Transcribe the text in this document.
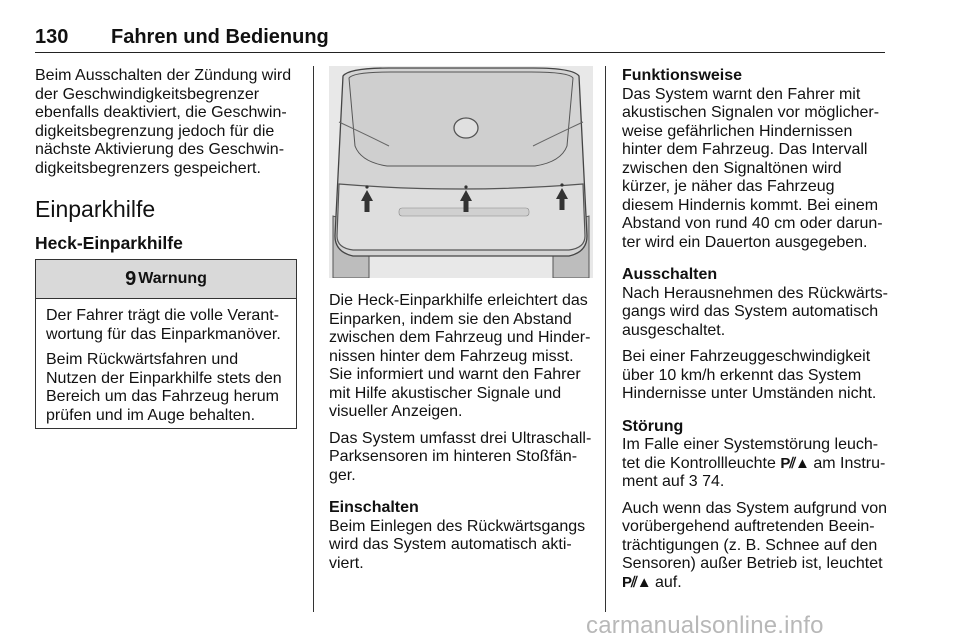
130 Fahren und Bedienung
Beim Ausschalten der Zündung wird
der Geschwindigkeitsbegrenzer
ebenfalls deaktiviert, die Geschwin-
digkeitsbegrenzung jedoch für die
nächste Aktivierung des Geschwin-
digkeitsbegrenzers gespeichert.
Einparkhilfe
Heck-Einparkhilfe
9 Warnung

Der Fahrer trägt die volle Verant-
wortung für das Einparkmanöver.

Beim Rückwärtsfahren und
Nutzen der Einparkhilfe stets den
Bereich um das Fahrzeug herum
prüfen und im Auge behalten.

Die Heck-Einparkhilfe erleichtert das
Einparken, indem sie den Abstand
zwischen dem Fahrzeug und Hinder-
nissen hinter dem Fahrzeug misst.
Sie informiert und warnt den Fahrer
mit Hilfe akustischer Signale und
visueller Anzeigen.

Das System umfasst drei Ultraschall-
Parksensoren im hinteren Stoßfän-
ger.

Einschalten
Beim Einlegen des Rückwärtsgangs
wird das System automatisch akti-
viert.

Funktionsweise
Das System warnt den Fahrer mit
akustischen Signalen vor möglicher-
weise gefährlichen Hindernissen
hinter dem Fahrzeug. Das Intervall
zwischen den Signaltönen wird
kürzer, je näher das Fahrzeug
diesem Hindernis kommt. Bei einem
Abstand von rund 40 cm oder darun-
ter wird ein Dauerton ausgegeben.

Ausschalten
Nach Herausnehmen des Rückwärts-
gangs wird das System automatisch
ausgeschaltet.

Bei einer Fahrzeuggeschwindigkeit
über 10 km/h erkennt das System
Hindernisse unter Umständen nicht.

Störung
Im Falle einer Systemstörung leuch-
tet die Kontrollleuchte P⫽▲ am Instru-
ment auf 3 74.

Auch wenn das System aufgrund von
vorübergehend auftretenden Beein-
trächtigungen (z. B. Schnee auf den
Sensoren) außer Betrieb ist, leuchtet
P⫽▲ auf.

carmanualsonline.info
